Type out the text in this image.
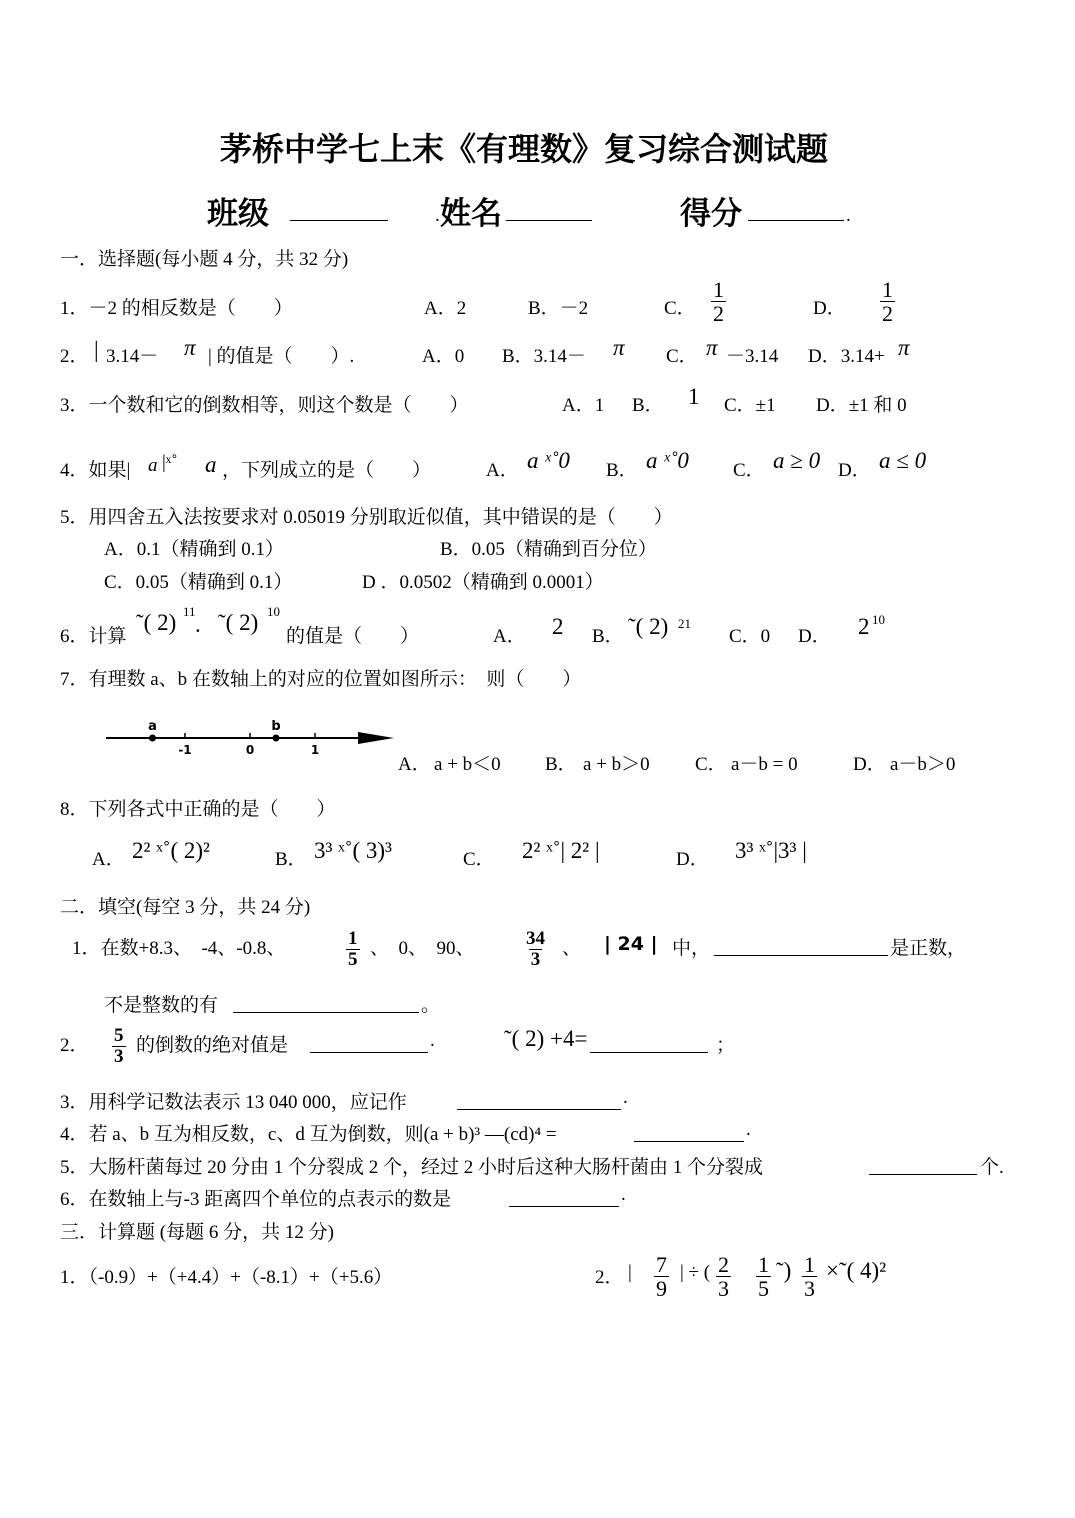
茅桥中学七上末《有理数》复习综合测试题
班级	. 姓名	得分	.
一．选择题(每小题 4 分，共 32 分)
1．－2 的相反数是（　　）	A．2	B．－2	C． $\frac{1}{2}$	D． $\frac{1}{2}$
2． | 3.14－ π | 的值是（　　）.	A．0 B．3.14－ π C． π －3.14 D．3.14+ π
3．一个数和它的倒数相等，则这个数是（　　）	A．1 B． 1 C．±1 D．±1 和 0
4．如果| a |ˣ˚ a ，下列成立的是（　　）	A． a ˣ˚0 B． a ˣ˚0 C． a ≥ 0 D． a ≤ 0
5．用四舍五入法按要求对 0.05019 分别取近似值，其中错误的是（　　）
A．0.1（精确到 0.1）	B．0.05（精确到百分位）
C．0.05（精确到 0.1）	D ．0.0502（精确到 0.0001）
6．计算
˜( 2) 11
. ˜( 2) 10
的值是（　　）	A． 2 B． ˜( 2) 21
C．0 D． 2 10
7．有理数 a、b 在数轴上的对应的位置如图所示：　则（　　）
-1	0	1
a	b
A． a + b＜0 B． a + b＞0 C． a－b = 0	D． a－b＞0
8．下列各式中正确的是（　　）
A． 2² ˣ˚( 2)²	B． 3³ ˣ˚( 3)³	C． 2² ˣ˚| 2² |	D． 3³ ˣ˚|3³ |
二．填空(每空 3 分，共 24 分)
1．在数+8.3、　-4、-0.8、	$\frac{1}{5}$ 、　0、　90、	$\frac{34}{3}$ 、 | 24 | 中，	是正数，
不是整数的有	。
2． $\frac{5}{3}$ 的倒数的绝对值是	.	˜( 2) +4=	；
3．用科学记数法表示 13 040 000，应记作	.
4．若 a、b 互为相反数，c、d 互为倒数，则(a + b)³ —(cd)⁴ =	.
5．大肠杆菌每过 20 分由 1 个分裂成 2 个，经过 2 小时后这种大肠杆菌由 1 个分裂成	个.
6．在数轴上与-3 距离四个单位的点表示的数是	.
三．计算题 (每题 6 分，共 12 分)
1．（-0.9）+（+4.4）+（-8.1）+（+5.6）	2． | $\frac{7}{9}$ | ÷ ( $\frac{2}{3} \frac{1}{5}$ ˜) $\frac{1}{3}$ ×˜( 4)²
